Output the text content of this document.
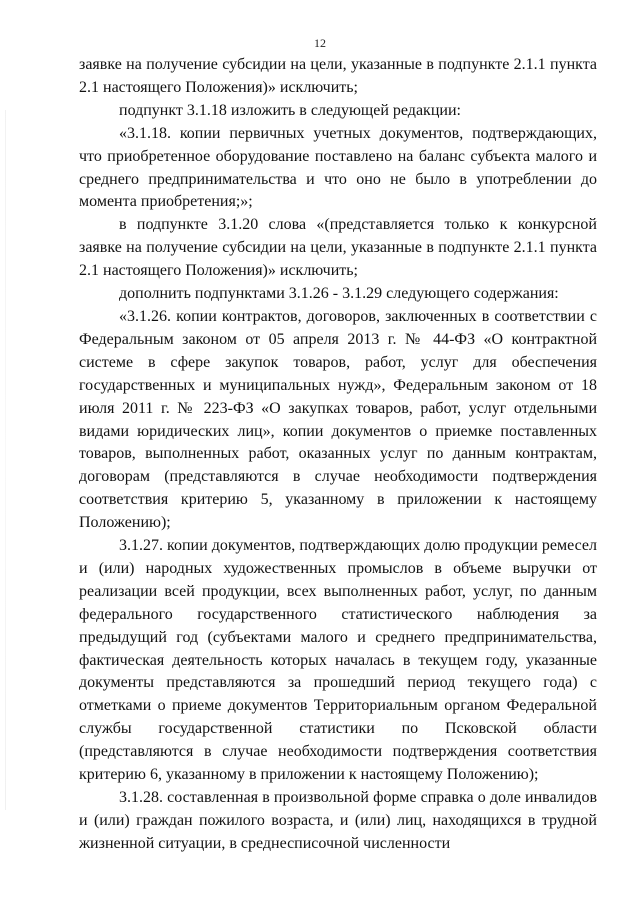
12

заявке на получение субсидии на цели, указанные в подпункте 2.1.1 пункта 2.1 настоящего Положения)» исключить;

подпункт 3.1.18 изложить в следующей редакции:

«3.1.18. копии первичных учетных документов, подтверждающих, что приобретенное оборудование поставлено на баланс субъекта малого и среднего предпринимательства и что оно не было в употреблении до момента приобретения;»;

в подпункте 3.1.20 слова «(представляется только к конкурсной заявке на получение субсидии на цели, указанные в подпункте 2.1.1 пункта 2.1 настоящего Положения)» исключить;

дополнить подпунктами 3.1.26 - 3.1.29 следующего содержания:

«3.1.26. копии контрактов, договоров, заключенных в соответствии с Федеральным законом от 05 апреля 2013 г. № 44-ФЗ «О контрактной системе в сфере закупок товаров, работ, услуг для обеспечения государственных и муниципальных нужд», Федеральным законом от 18 июля 2011 г. № 223-ФЗ «О закупках товаров, работ, услуг отдельными видами юридических лиц», копии документов о приемке поставленных товаров, выполненных работ, оказанных услуг по данным контрактам, договорам (представляются в случае необходимости подтверждения соответствия критерию 5, указанному в приложении к настоящему Положению);

3.1.27. копии документов, подтверждающих долю продукции ремесел и (или) народных художественных промыслов в объеме выручки от реализации всей продукции, всех выполненных работ, услуг, по данным федерального государственного статистического наблюдения за предыдущий год (субъектами малого и среднего предпринимательства, фактическая деятельность которых началась в текущем году, указанные документы представляются за прошедший период текущего года) с отметками о приеме документов Территориальным органом Федеральной службы государственной статистики по Псковской области (представляются в случае необходимости подтверждения соответствия критерию 6, указанному в приложении к настоящему Положению);

3.1.28. составленная в произвольной форме справка о доле инвалидов и (или) граждан пожилого возраста, и (или) лиц, находящихся в трудной жизненной ситуации, в среднесписочной численности
